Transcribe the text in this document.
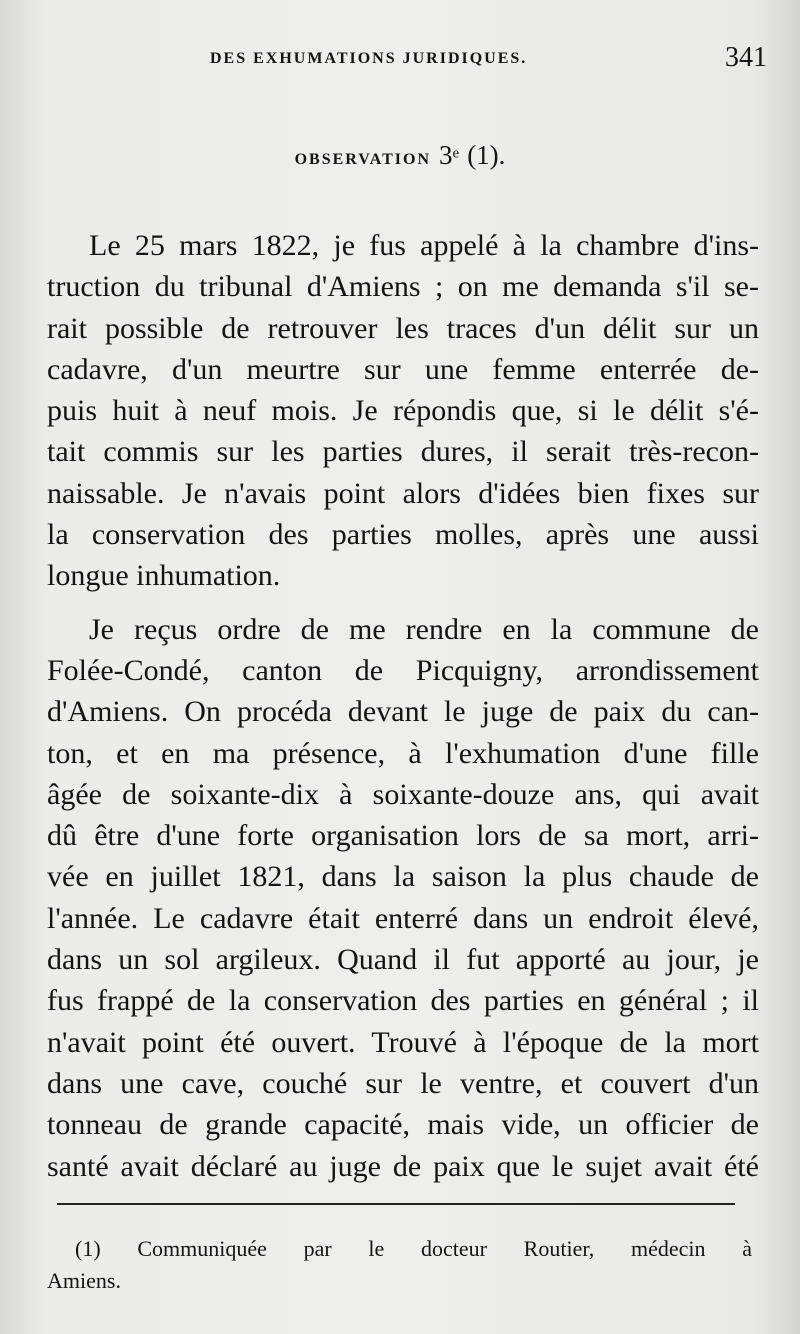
DES EXHUMATIONS JURIDIQUES.	341
OBSERVATION 3e (1).
Le 25 mars 1822, je fus appelé à la chambre d'ins-
truction du tribunal d'Amiens ; on me demanda s'il se-
rait possible de retrouver les traces d'un délit sur un
cadavre, d'un meurtre sur une femme enterrée de-
puis huit à neuf mois. Je répondis que, si le délit s'é-
tait commis sur les parties dures, il serait très-recon-
naissable. Je n'avais point alors d'idées bien fixes sur
la conservation des parties molles, après une aussi
longue inhumation.
Je reçus ordre de me rendre en la commune de
Folée-Condé, canton de Picquigny, arrondissement
d'Amiens. On procéda devant le juge de paix du can-
ton, et en ma présence, à l'exhumation d'une fille
âgée de soixante-dix à soixante-douze ans, qui avait
dû être d'une forte organisation lors de sa mort, arri-
vée en juillet 1821, dans la saison la plus chaude de
l'année. Le cadavre était enterré dans un endroit élevé,
dans un sol argileux. Quand il fut apporté au jour, je
fus frappé de la conservation des parties en général ; il
n'avait point été ouvert. Trouvé à l'époque de la mort
dans une cave, couché sur le ventre, et couvert d'un
tonneau de grande capacité, mais vide, un officier de
santé avait déclaré au juge de paix que le sujet avait été
(1) Communiquée par le docteur Routier, médecin à
Amiens.
